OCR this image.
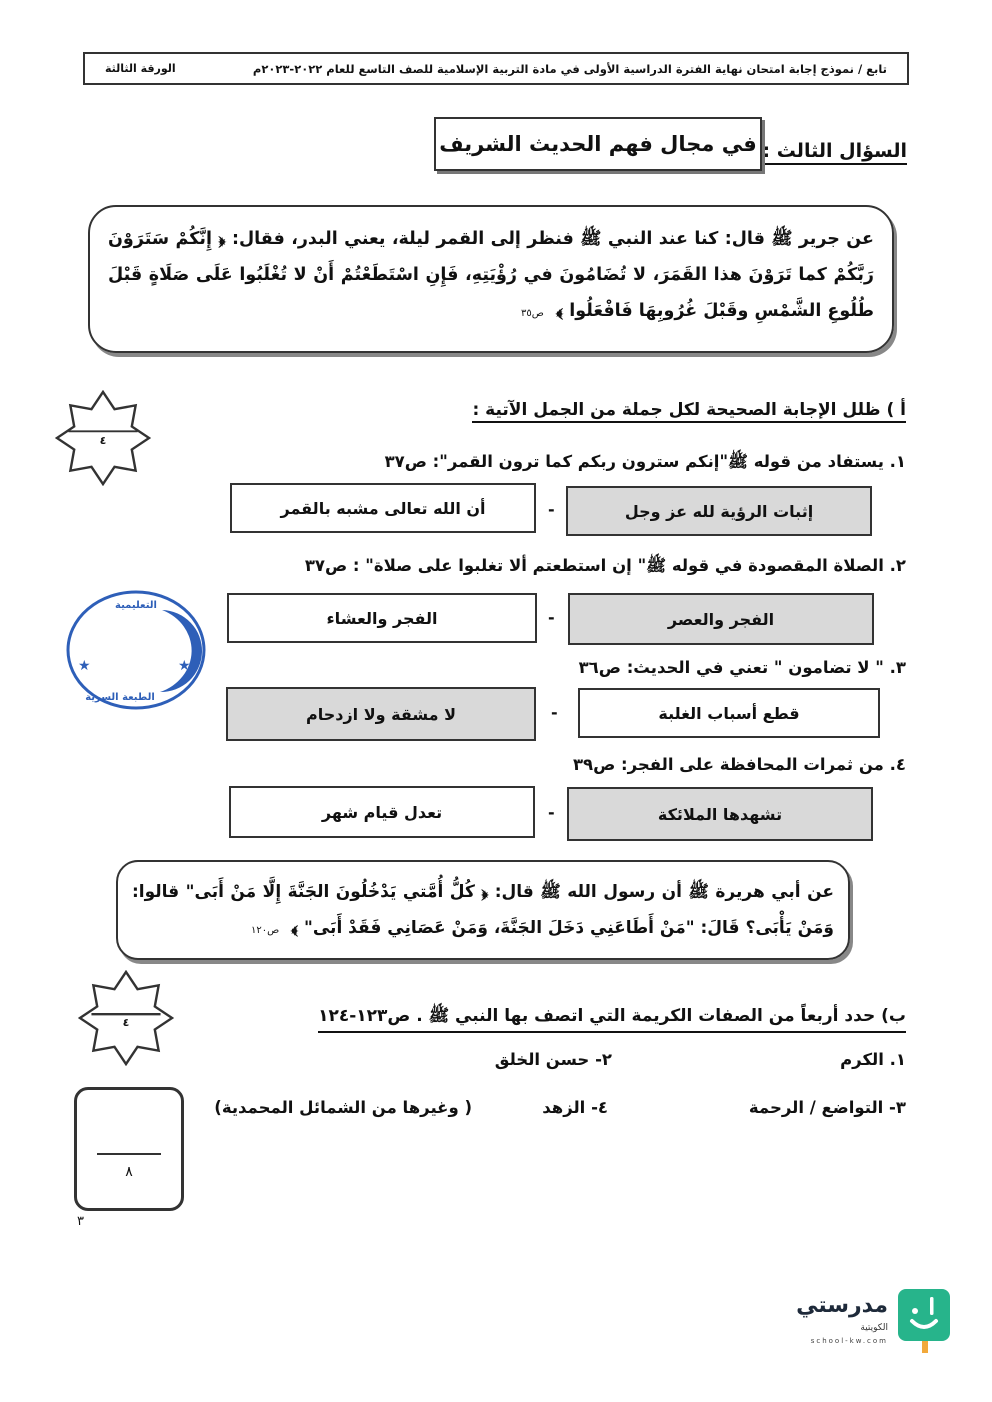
تابع / نموذج إجابة امتحان نهاية الفترة الدراسية الأولى في مادة التربية الإسلامية للصف التاسع للعام ٢٠٢٢-٢٠٢٣م
الورقة الثالثة
السؤال الثالث :
في مجال فهم الحديث الشريف
عن جرير ﷺ قال: كنا عند النبي ﷺ فنظر إلى القمر ليلة، يعني البدر، فقال: ﴿ إِنَّكُمْ سَتَرَوْنَ رَبَّكُمْ كما تَرَوْنَ هذا القَمَرَ، لا تُضَامُونَ في رُؤْيَتِهِ، فَإِنِ اسْتَطَعْتُمْ أَنْ لا تُغْلَبُوا عَلَى صَلَاةٍ قَبْلَ طُلُوعِ الشَّمْسِ وقَبْلَ غُرُوبِهَا فَافْعَلُوا ﴾ ص٣٥
٤
أ ) ظلل الإجابة الصحيحة لكل جملة من الجمل الآتية :
١. يستفاد من قوله ﷺ"إنكم سترون ربكم كما ترون القمر": ص٣٧
إثبات الرؤية لله عز وجل
-
أن الله تعالى مشبه بالقمر
٢. الصلاة المقصودة في قوله ﷺ" إن استطعتم ألا تغلبوا على صلاة" : ص٣٧
الفجر والعصر
-
الفجر والعشاء
٣. " لا تضامون " تعني في الحديث: ص٣٦
قطع أسباب الغلبة
-
لا مشقة ولا ازدحام
٤. من ثمرات المحافظة على الفجر: ص٣٩
تشهدها الملائكة
-
تعدل قيام شهر
التعليمية
الطبعة السرية
★	★
عن أبي هريرة ﷺ أن رسول الله ﷺ قال: ﴿ كُلُّ أُمَّتي يَدْخُلُونَ الجَنَّةَ إِلَّا مَنْ أَبَى" قالوا: وَمَنْ يَأْبَى؟ قَالَ: "مَنْ أَطَاعَنِي دَخَلَ الجَنَّةَ، وَمَنْ عَصَانِي فَقَدْ أَبَى" ﴾ ص١٢٠
٤	ب) حدد أربعاً من الصفات الكريمة التي اتصف بها النبي ﷺ . ص١٢٣-١٢٤
١. الكرم
٢- حسن الخلق
٣- التواضع / الرحمة
٤- الزهد
( وغيرها من الشمائل المحمدية)
٨
٣
مدرستي
الكويتية
school-kw.com
